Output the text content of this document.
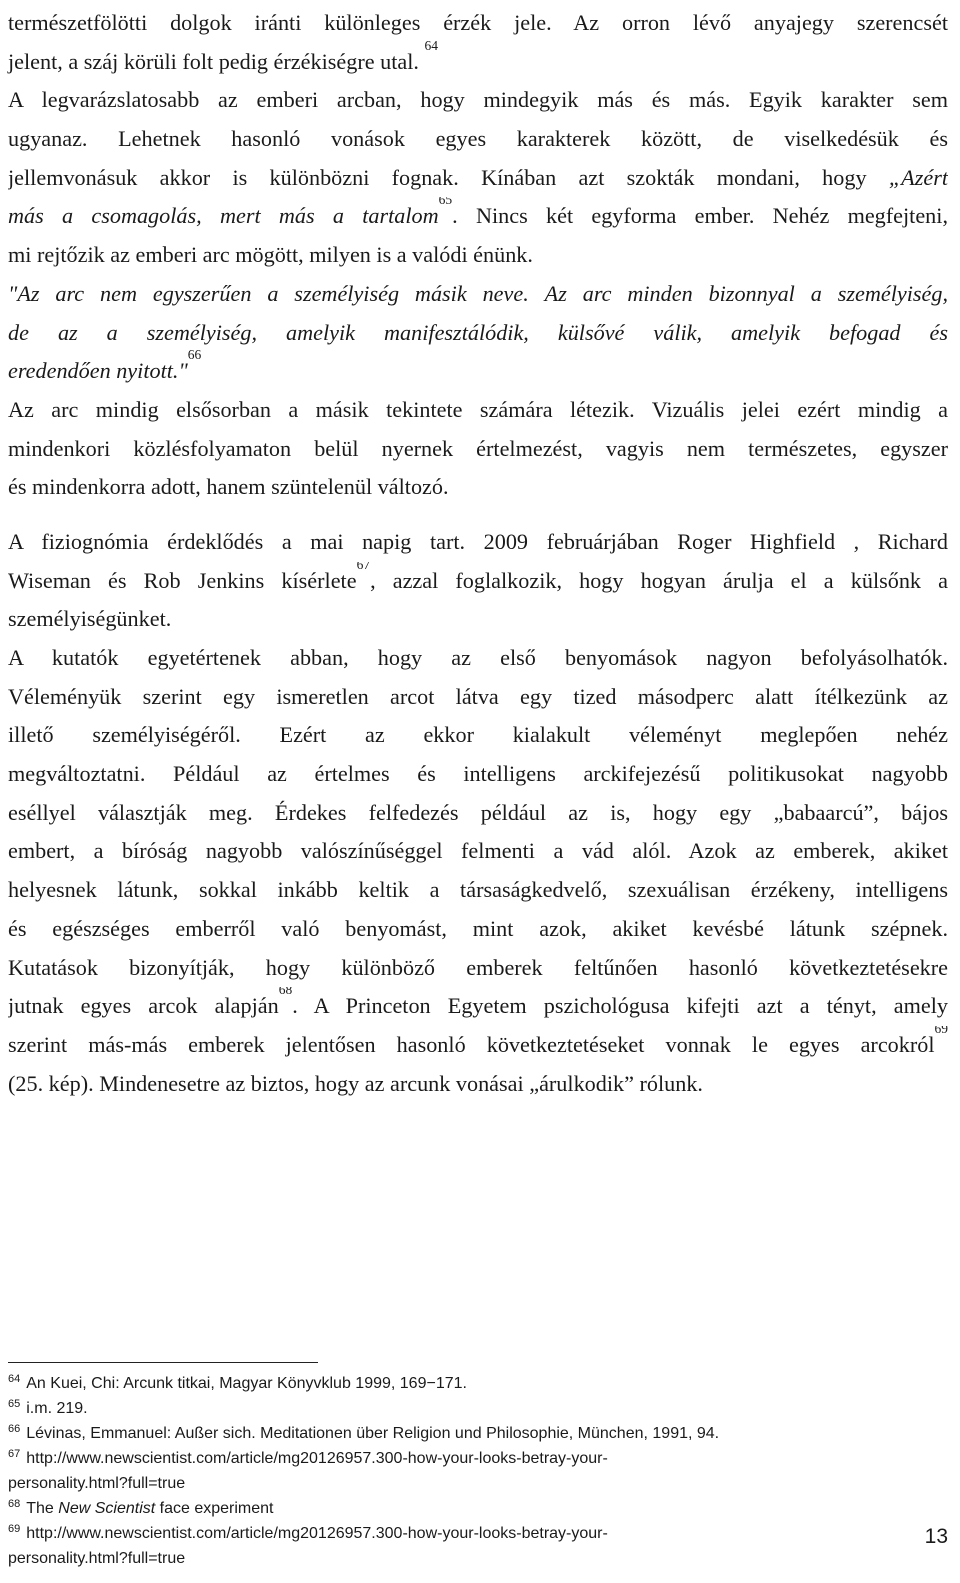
természetfölötti dolgok iránti különleges érzék jele. Az orron lévő anyajegy szerencsét
jelent, a száj körüli folt pedig érzékiségre utal.

$^{64}$
A legvarázslatosabb az emberi arcban, hogy mindegyik más és más. Egyik karakter sem
ugyanaz. Lehetnek hasonló vonások egyes karakterek között, de viselkedésük és
jellemvonásuk akkor is különbözni fognak. Kínában azt szokták mondani, hogy „Azért
más a csomagolás, mert más a tartalom$^{65}$. Nincs két egyforma ember. Nehéz megfejteni,
mi rejtőzik az emberi arc mögött, milyen is a valódi énünk.
"Az arc nem egyszerűen a személyiség másik neve. Az arc minden bizonnyal a személyiség,
de az a személyiség, amelyik manifesztálódik, külsővé válik, amelyik befogad és
eredendően nyitott."$^{66}$
Az arc mindig elsősorban a másik tekintete számára létezik. Vizuális jelei ezért mindig a
mindenkori közlésfolyamaton belül nyernek értelmezést, vagyis nem természetes, egyszer
és mindenkorra adott, hanem szüntelenül változó.
A fiziognómia érdeklődés a mai napig tart. 2009 februárjában Roger Highfield , Richard
Wiseman és Rob Jenkins kísérlete$^{67}$, azzal foglalkozik, hogy hogyan árulja el a külsőnk a
személyiségünket.
A kutatók egyetértenek abban, hogy az első benyomások nagyon befolyásolhatók.
Véleményük szerint egy ismeretlen arcot látva egy tized másodperc alatt ítélkezünk az
illető személyiségéről. Ezért az ekkor kialakult véleményt meglepően nehéz
megváltoztatni. Például az értelmes és intelligens arckifejezésű politikusokat nagyobb
eséllyel választják meg. Érdekes felfedezés például az is, hogy egy „babaarcú”, bájos
embert, a bíróság nagyobb valószínűséggel felmenti a vád alól. Azok az emberek, akiket
helyesnek látunk, sokkal inkább keltik a társaságkedvelő, szexuálisan érzékeny, intelligens
és egészséges emberről való benyomást, mint azok, akiket kevésbé látunk szépnek.
Kutatások bizonyítják, hogy különböző emberek feltűnően hasonló következtetésekre
jutnak egyes arcok alapján$^{68}$. A Princeton Egyetem pszichológusa kifejti azt a tényt, amely
szerint más-más emberek jelentősen hasonló következtetéseket vonnak le egyes arcokról$^{69}$
(25. kép). Mindenesetre az biztos, hogy az arcunk vonásai „árulkodik” rólunk.
$^{64}$ An Kuei, Chi: Arcunk titkai, Magyar Könyvklub 1999, 169−171.
$^{65}$ i.m. 219.
$^{66}$ Lévinas, Emmanuel: Außer sich. Meditationen über Religion und Philosophie, München, 1991, 94.
$^{67}$ http://www.newscientist.com/article/mg20126957.300-how-your-looks-betray-your-
personality.html?full=true
$^{68}$ The New Scientist face experiment
$^{69}$ http://www.newscientist.com/article/mg20126957.300-how-your-looks-betray-your-
personality.html?full=true
13
